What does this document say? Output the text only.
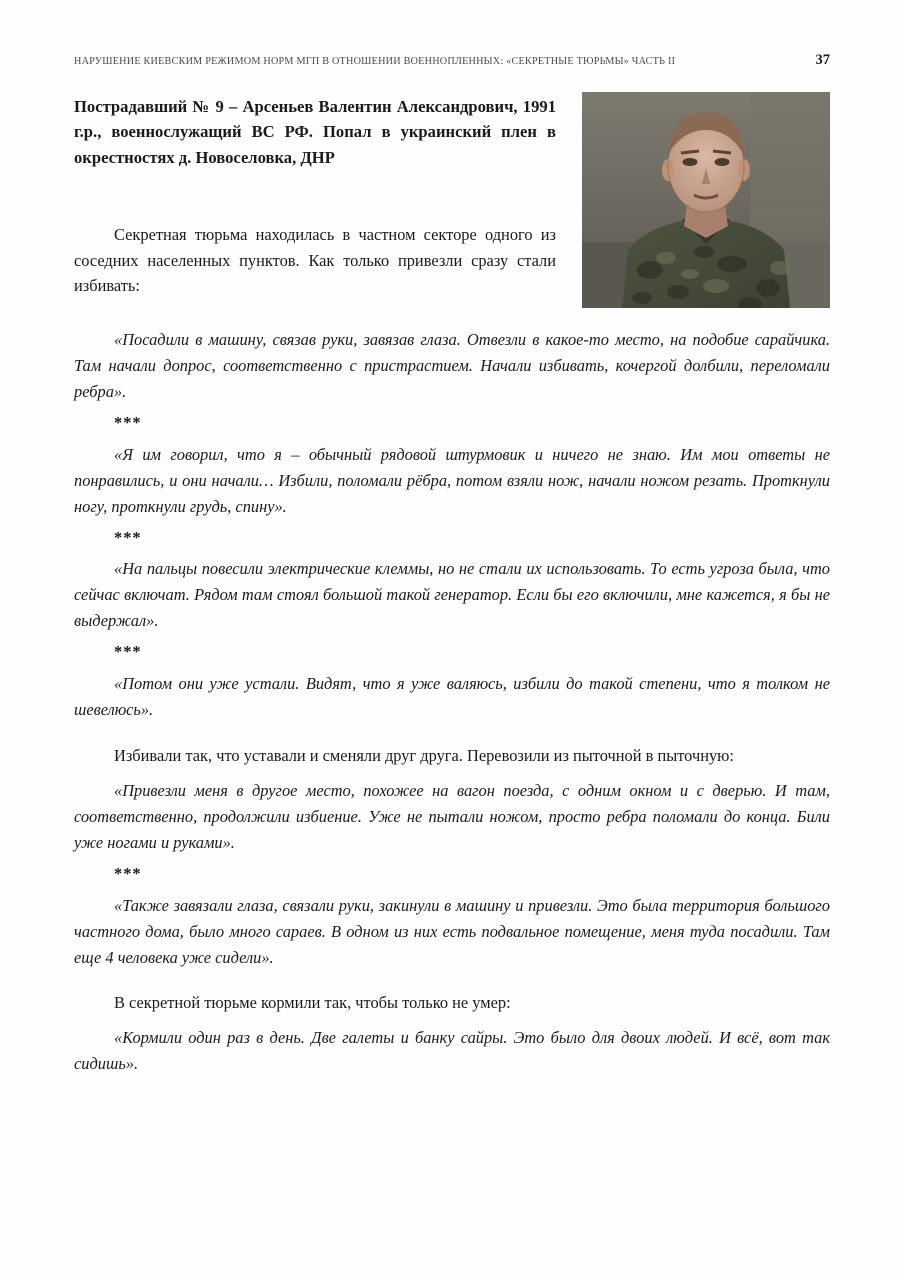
НАРУШЕНИЕ КИЕВСКИМ РЕЖИМОМ НОРМ МГП В ОТНОШЕНИИ ВОЕННОПЛЕННЫХ: «СЕКРЕТНЫЕ ТЮРЬМЫ» ЧАСТЬ II	37
Пострадавший № 9 – Арсеньев Валентин Александрович, 1991 г.р., военнослужащий ВС РФ. Попал в украинский плен в окрестностях д. Новоселовка, ДНР
Секретная тюрьма находилась в частном секторе одного из соседних населенных пунктов. Как только привезли сразу стали избивать:

«Посадили в машину, связав руки, завязав глаза. Отвезли в какое-то место, на подобие сарайчика. Там начали допрос, соответственно с пристрастием. Начали избивать, кочергой долбили, переломали ребра».

***

«Я им говорил, что я – обычный рядовой штурмовик и ничего не знаю. Им мои ответы не понравились, и они начали… Избили, поломали рёбра, потом взяли нож, начали ножом резать. Проткнули ногу, проткнули грудь, спину».

***

«На пальцы повесили электрические клеммы, но не стали их использовать. То есть угроза была, что сейчас включат. Рядом там стоял большой такой генератор. Если бы его включили, мне кажется, я бы не выдержал».

***

«Потом они уже устали. Видят, что я уже валяюсь, избили до такой степени, что я толком не шевелюсь».

Избивали так, что уставали и сменяли друг друга. Перевозили из пыточной в пыточную:

«Привезли меня в другое место, похожее на вагон поезда, с одним окном и с дверью. И там, соответственно, продолжили избиение. Уже не пытали ножом, просто ребра поломали до конца. Били уже ногами и руками».

***

«Также завязали глаза, связали руки, закинули в машину и привезли. Это была территория большого частного дома, было много сараев. В одном из них есть подвальное помещение, меня туда посадили. Там еще 4 человека уже сидели».

В секретной тюрьме кормили так, чтобы только не умер:

«Кормили один раз в день. Две галеты и банку сайры. Это было для двоих людей. И всё, вот так сидишь».
